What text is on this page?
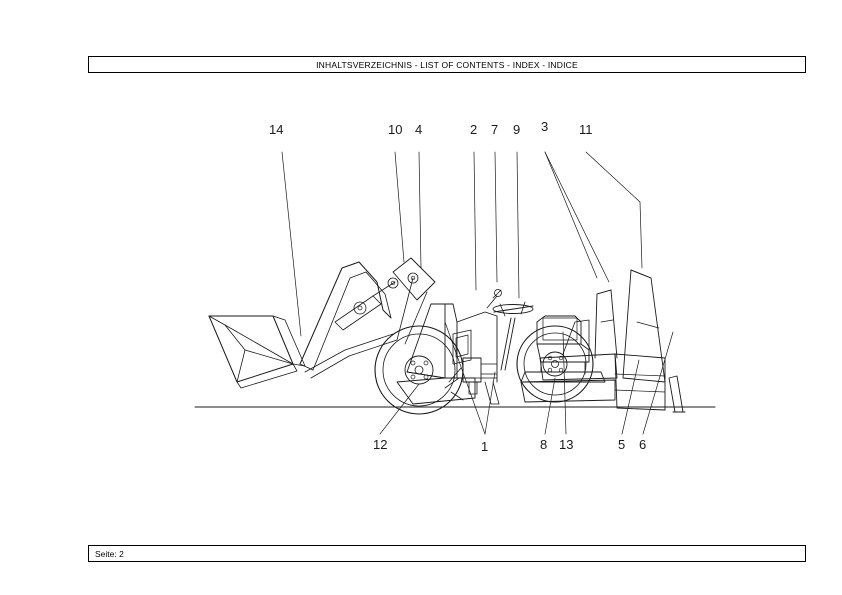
INHALTSVERZEICHNIS - LIST OF CONTENTS - INDEX - INDICE
14	10 4	2 7 9 3 11
12	1	8 13	5 6
Seite: 2
